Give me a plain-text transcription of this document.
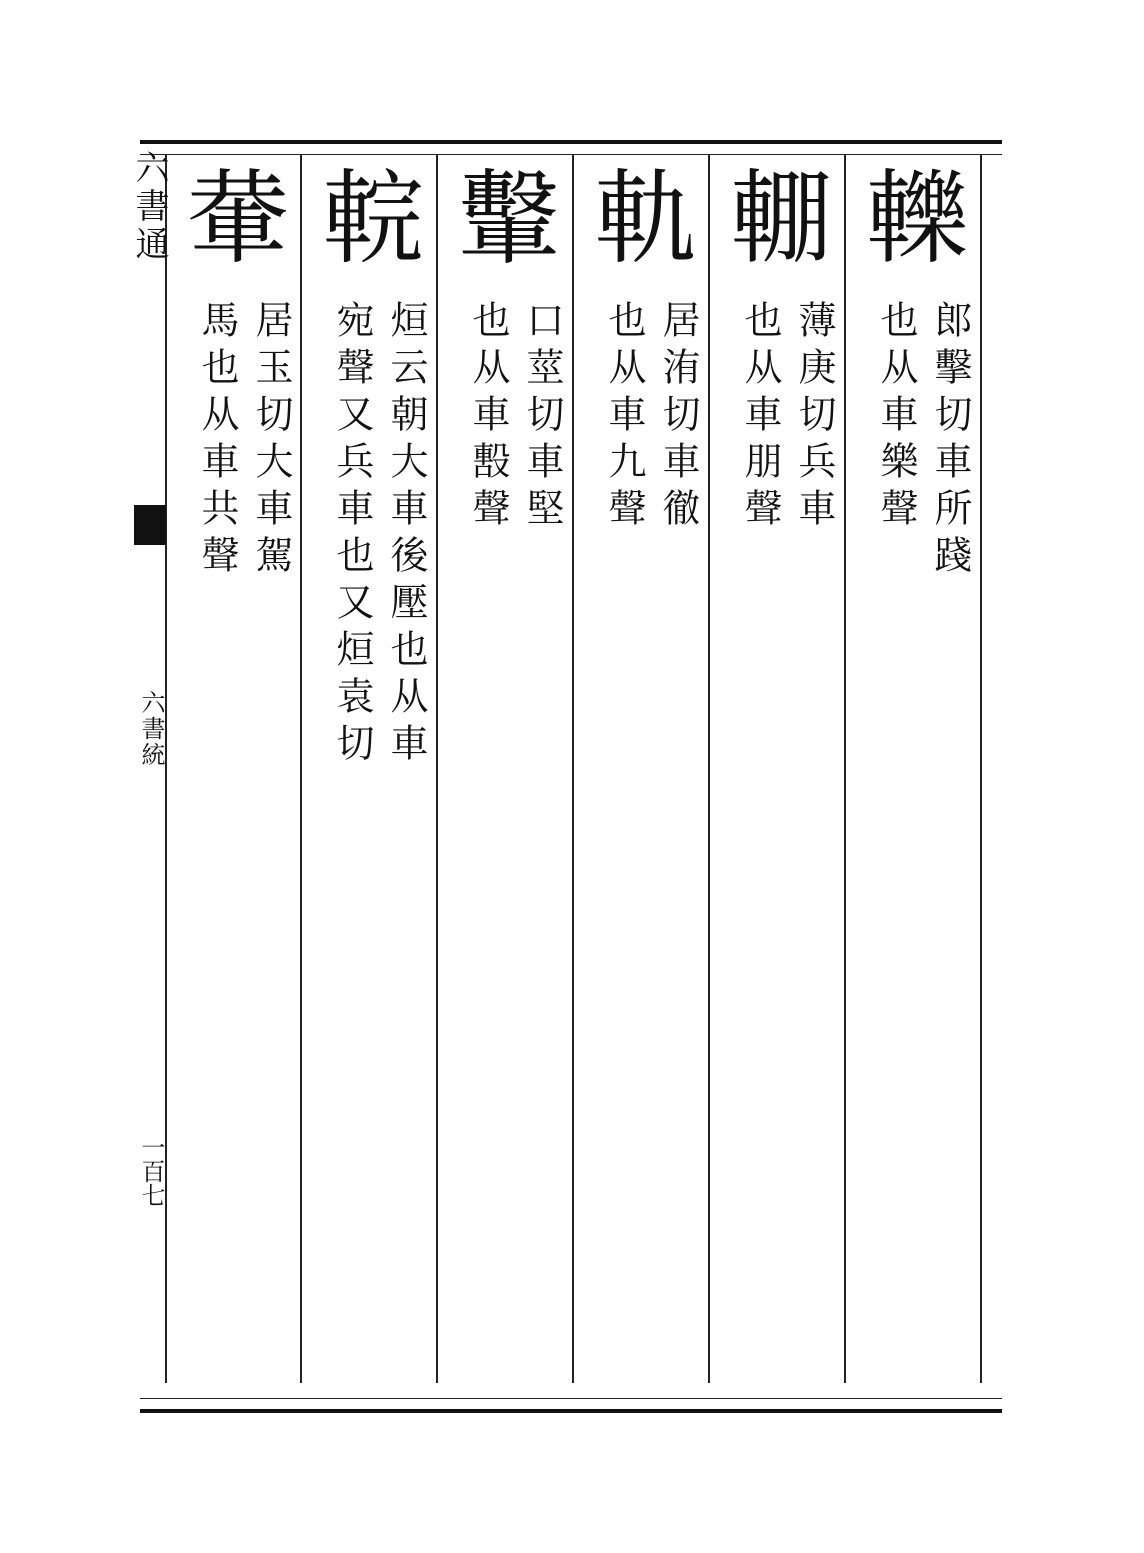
六書通
六書統
一百七
轢
郎擊切車所踐
也从車樂聲
輣
薄庚切兵車
也从車朋聲
軌
居洧切車徹
也从車九聲
轚
口莖切車堅
也从車毄聲
輐
烜云朝大車後壓也从車
宛聲又兵車也又烜袁切
輂
居玉切大車駕
馬也从車共聲
